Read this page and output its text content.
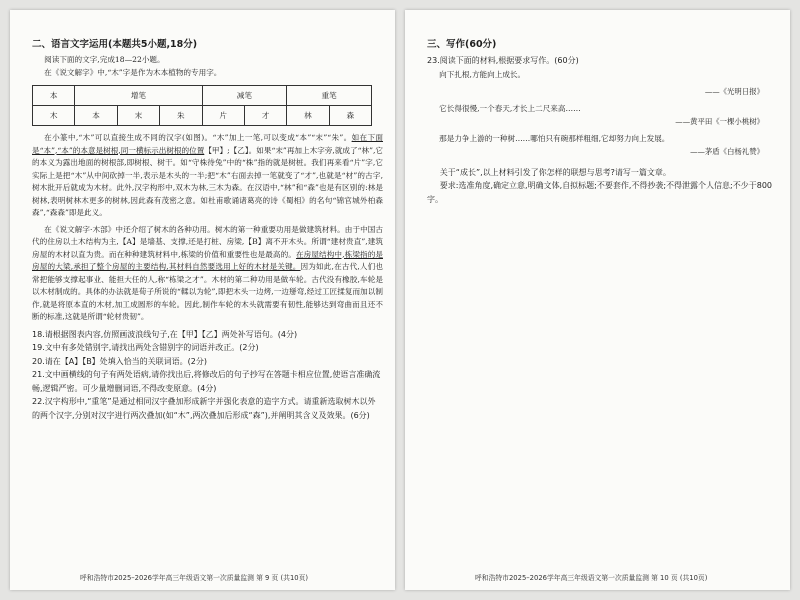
二、语言文字运用(本题共5小题,18分)

阅读下面的文字,完成18—22小题。

在《说文解字》中,“木”字是作为木本植物的专用字。

本	增笔			减笔		重笔	
木	本	末	朱	片	才	林	森

在小篆中,“木”可以直接生成不同的汉字(如图)。“木”加上一笔,可以变成“本”“末”“朱”。如在下面是“本”,“本”的本意是树根,同一横标示出树根的位置【甲】;【乙】。如果“末”再加上木字旁,就成了“林”,它的本义为露出地面的树根部,即树根、树干。如“守株待兔”中的“株”指的就是树桩。我们再来看“片”字,它实际上是把“木”从中间砍掉一半,表示是木头的一半;把“木”右面去掉一笔就变了“才”,也就是“材”的古字,树木批开后就成为木材。此外,汉字构形中,双木为林,三木为森。在汉语中,“林”和“森”也是有区别的:林是树林,表明树林木更多的树林,因此森有茂密之意。如杜甫歌诵诸葛亮的诗《蜀相》的名句“锦官城外柏森森”,“森森”即是此义。

在《说文解字·木部》中还介绍了树木的各种功用。树木的第一种重要功用是做建筑材料。由于中国古代的住房以土木结构为主,【A】是墙基、支撑,还是打桩、房梁,【B】离不开木头。所谓“建材贵直”,建筑房屋的木材以直为贵。而在种种建筑材料中,栋梁的价值和重要性也是最高的。在房屋结构中,栋梁指的是房屋的大梁,承担了整个房屋的主要结构,其材料自然要选用上好的木材是关键。因为如此,在古代,人们也常把能够支撑起事业、能担大任的人,称“栋梁之才”。木材的第二种功用是做车轮。古代没有橡胶,车轮是以木材制成的。具体的办法就是荀子所说的“輮以为轮”,即把木头一边烤,一边掰弯,经过工匠揉复而加以制作,就是将原本直的木材,加工成圆形的车轮。因此,制作车轮的木头就需要有韧性,能够达到弯曲而且还不断的标准,这就是所谓“轮材贵韧”。

18.请根据图表内容,仿照画波浪线句子,在【甲】【乙】两处补写语句。(4分)

19.文中有多处错别字,请找出两处含错别字的词语并改正。(2分)

20.请在【A】【B】处填入恰当的关联词语。(2分)

21.文中画横线的句子有两处语病,请你找出后,将修改后的句子抄写在答题卡相应位置,使语言准确流畅,逻辑严密。可少量增删词语,不得改变原意。(4分)

22.汉字构形中,“重笔”是通过相同汉字叠加形成新字并强化表意的造字方式。请重新选取树木以外的两个汉字,分别对汉字进行两次叠加(如“木”,两次叠加后形成“森”),并阐明其含义及效果。(6分)

呼和浩特市2025–2026学年高三年级语文第一次质量监测 第 9 页 (共10页)
三、写作(60分)

23.阅读下面的材料,根据要求写作。(60分)

向下扎根,方能向上成长。

——《光明日报》

它长得很慢,一个春天,才长上二尺来高……

——黄平田《一棵小桃树》

那是力争上游的一种树……哪怕只有碗那样粗细,它却努力向上发展。

——茅盾《白杨礼赞》

关于“成长”,以上材料引发了你怎样的联想与思考?请写一篇文章。

要求:选准角度,确定立意,明确文体,自拟标题;不要套作,不得抄袭;不得泄露个人信息;不少于800字。

呼和浩特市2025–2026学年高三年级语文第一次质量监测 第 10 页 (共10页)
